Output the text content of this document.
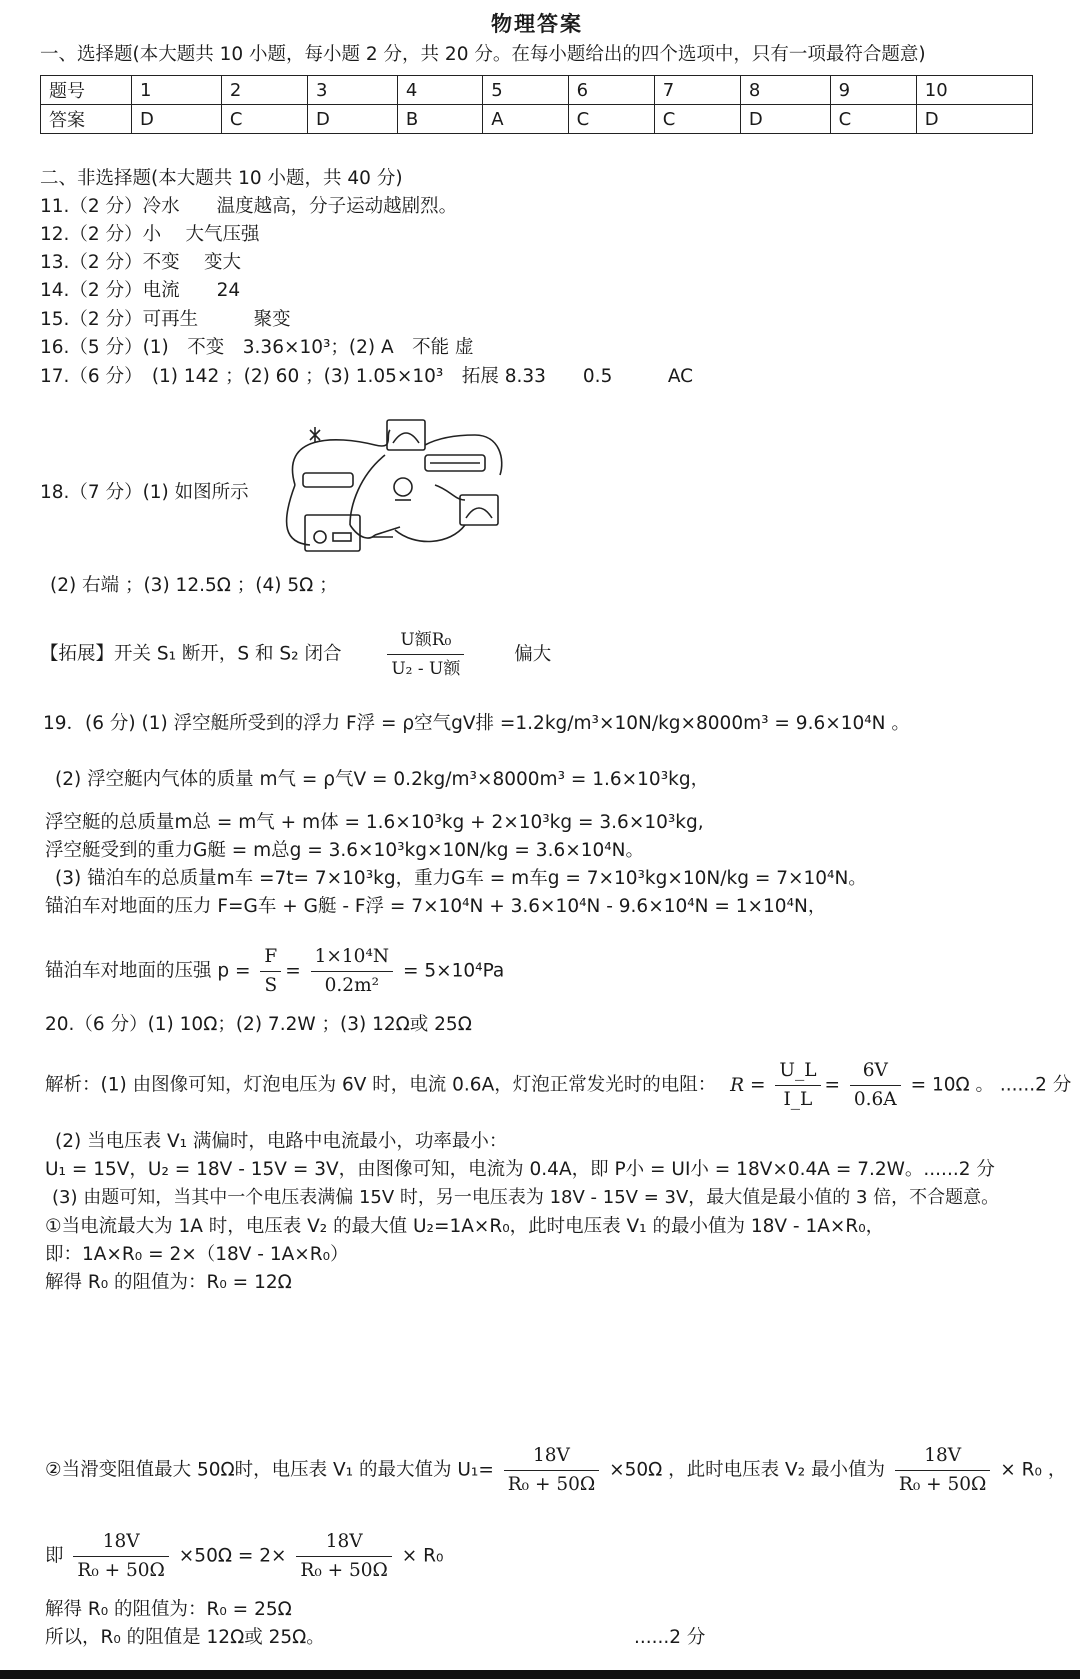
物理答案
一、选择题(本大题共 10 小题，每小题 2 分，共 20 分。在每小题给出的四个选项中，只有一项最符合题意)
题号	1	2	3	4	5	6	7	8	9	10
答案	D	C	D	B	A	C	C	D	C	D
二、非选择题(本大题共 10 小题，共 40 分)
11.（2 分）冷水　　温度越高，分子运动越剧烈。
12.（2 分）小　 大气压强
13.（2 分）不变　 变大
14.（2 分）电流　　24
15.（2 分）可再生　　　聚变
16.（5 分）(1)　不变　3.36×10³；(2) A　不能 虚
17.（6 分）　(1) 142 ；(2) 60 ；(3) 1.05×10³　拓展 8.33　　0.5　　　AC
18.（7 分）(1) 如图所示
(2) 右端 ；(3) 12.5Ω ；(4) 5Ω ；
【拓展】开关 S₁ 断开，S 和 S₂ 闭合	$\frac{\text{U额R₀}}{\text{U₂ - U额}}$	偏大
19．(6 分) (1) 浮空艇所受到的浮力 F浮 = ρ空气gV排 =1.2kg/m³×10N/kg×8000m³ = 9.6×10⁴N 。
(2) 浮空艇内气体的质量 m气 = ρ气V = 0.2kg/m³×8000m³ = 1.6×10³kg，
浮空艇的总质量m总 = m气 + m体 = 1.6×10³kg + 2×10³kg = 3.6×10³kg,
浮空艇受到的重力G艇 = m总g = 3.6×10³kg×10N/kg = 3.6×10⁴N。
(3) 锚泊车的总质量m车 =7t= 7×10³kg，重力G车 = m车g = 7×10³kg×10N/kg = 7×10⁴N。
锚泊车对地面的压力 F=G车 + G艇 - F浮 = 7×10⁴N + 3.6×10⁴N - 9.6×10⁴N = 1×10⁴N，
锚泊车对地面的压强 $p = \frac{F}{S} = \frac{\text{1×10⁴N}}{\text{0.2m²}} = 5\times 10^4Pa$
20.（6 分）(1) 10Ω；(2) 7.2W ；(3) 12Ω或 25Ω
解析：(1) 由图像可知，灯泡电压为 6V 时，电流 0.6A，灯泡正常发光时的电阻： $R = \frac{U\_L}{I\_L} = \frac{6V}{0.6A} = 10\Omega$ 。 ......2 分
(2) 当电压表 V₁ 满偏时，电路中电流最小，功率最小：
U₁ = 15V，U₂ = 18V - 15V = 3V，由图像可知，电流为 0.4A，即 P小 = UI小 = 18V×0.4A = 7.2W。......2 分
(3) 由题可知，当其中一个电压表满偏 15V 时，另一电压表为 18V - 15V = 3V，最大值是最小值的 3 倍，不合题意。
①当电流最大为 1A 时，电压表 V₂ 的最大值 U₂=1A×R₀，此时电压表 V₁ 的最小值为 18V - 1A×R₀，
即：1A×R₀ = 2×（18V - 1A×R₀）
解得 R₀ 的阻值为：R₀ = 12Ω
②当滑变阻值最大 50Ω时，电压表 V₁ 的最大值为 $U_1= \frac{18V}{\text{R₀ + 50Ω}} \times 50\Omega$ ，此时电压表 V₂ 最小值为 $\frac{18V}{\text{R₀ + 50Ω}} \times R_0$ ，
即 $\frac{18V}{\text{R₀ + 50Ω}} \times 50\Omega = 2\times \frac{18V}{\text{R₀ + 50Ω}} \times R_0$
解得 R₀ 的阻值为：R₀ = 25Ω
所以，R₀ 的阻值是 12Ω或 25Ω。	......2 分
